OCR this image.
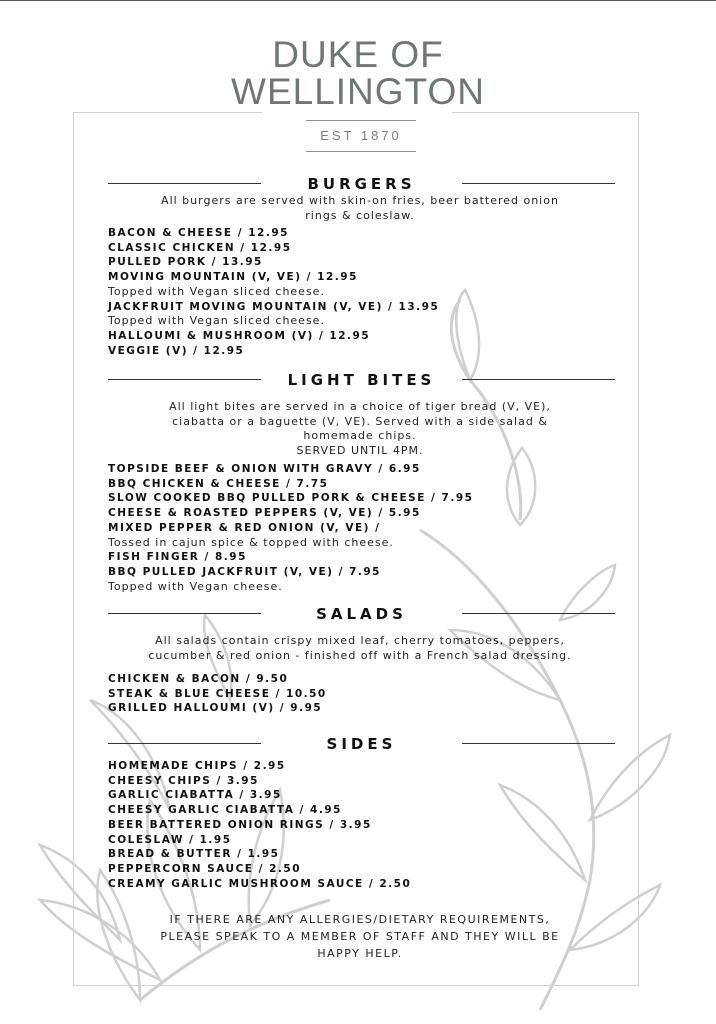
DUKE OF
WELLINGTON
EST 1870
BURGERS
All burgers are served with skin-on fries, beer battered onion
rings & coleslaw.
BACON & CHEESE / 12.95
CLASSIC CHICKEN / 12.95
PULLED PORK / 13.95
MOVING MOUNTAIN (V, VE) / 12.95
Topped with Vegan sliced cheese.
JACKFRUIT MOVING MOUNTAIN (V, VE) / 13.95
Topped with Vegan sliced cheese.
HALLOUMI & MUSHROOM (V) / 12.95
VEGGIE (V) / 12.95
LIGHT BITES
All light bites are served in a choice of tiger bread (V, VE),
ciabatta or a baguette (V, VE). Served with a side salad &
homemade chips.
SERVED UNTIL 4PM.
TOPSIDE BEEF & ONION WITH GRAVY / 6.95
BBQ CHICKEN & CHEESE / 7.75
SLOW COOKED BBQ PULLED PORK & CHEESE / 7.95
CHEESE & ROASTED PEPPERS (V, VE) / 5.95
MIXED PEPPER & RED ONION (V, VE) /
Tossed in cajun spice & topped with cheese.
FISH FINGER / 8.95
BBQ PULLED JACKFRUIT (V, VE) / 7.95
Topped with Vegan cheese.
SALADS
All salads contain crispy mixed leaf, cherry tomatoes, peppers,
cucumber & red onion - finished off with a French salad dressing.
CHICKEN & BACON / 9.50
STEAK & BLUE CHEESE / 10.50
GRILLED HALLOUMI (V) / 9.95
SIDES
HOMEMADE CHIPS / 2.95
CHEESY CHIPS / 3.95
GARLIC CIABATTA / 3.95
CHEESY GARLIC CIABATTA / 4.95
BEER BATTERED ONION RINGS / 3.95
COLESLAW / 1.95
BREAD & BUTTER / 1.95
PEPPERCORN SAUCE / 2.50
CREAMY GARLIC MUSHROOM SAUCE / 2.50
IF THERE ARE ANY ALLERGIES/DIETARY REQUIREMENTS,
PLEASE SPEAK TO A MEMBER OF STAFF AND THEY WILL BE
HAPPY HELP.
